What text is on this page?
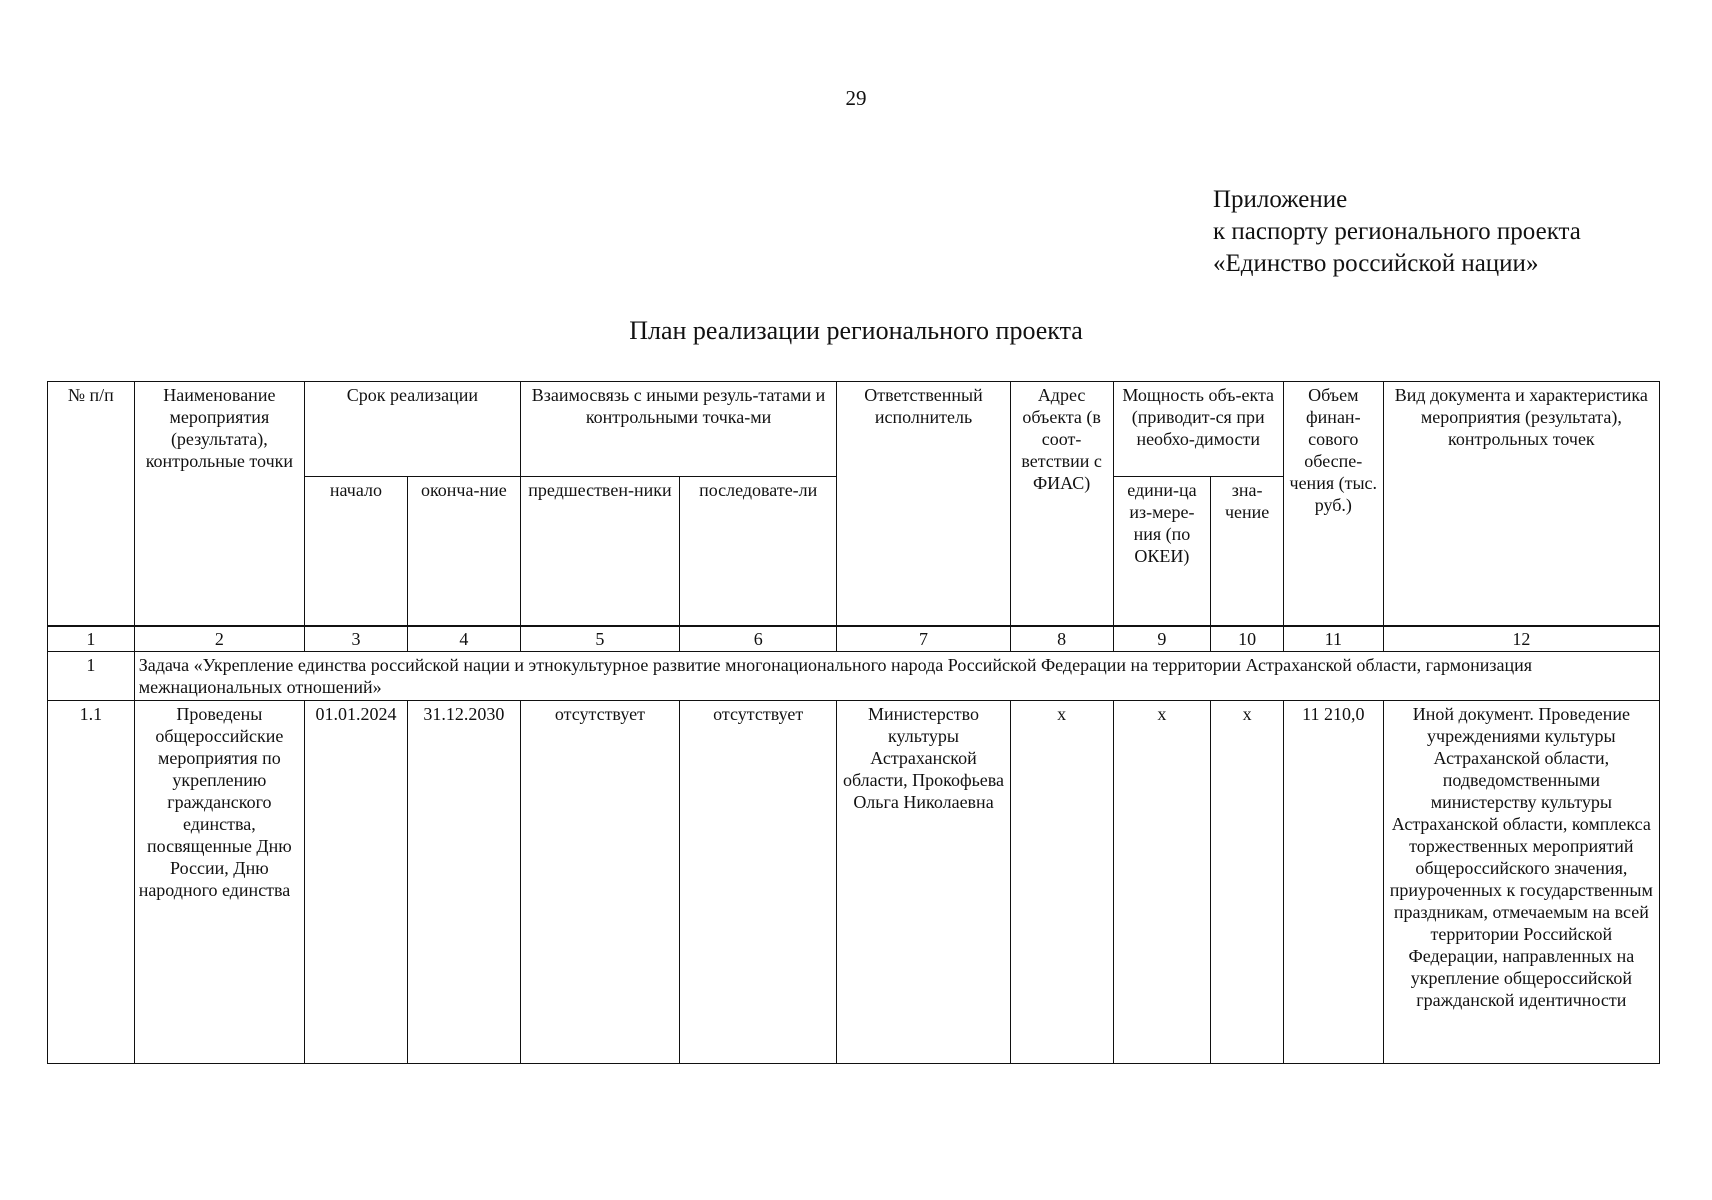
29
Приложение
к паспорту регионального проекта
«Единство российской нации»
План реализации регионального проекта
№ п/п	Наименование мероприятия (результата), контрольные точки	Срок реализации		Взаимосвязь с иными резуль-татами и контрольными точка-ми		Ответственный исполнитель	Адрес объекта (в соот-ветствии с ФИАС)	Мощность объ-екта (приводит-ся при необхо-димости		Объем финан-сового обеспе-чения (тыс. руб.)	Вид документа и характеристика мероприятия (результата), контрольных точек
		начало	оконча-ние	предшествен-ники	последовате-ли			едини-ца из-мере-ния (по ОКЕИ)	зна-чение		
1	2	3	4	5	6	7	8	9	10	11	12
1	Задача «Укрепление единства российской нации и этнокультурное развитие многонационального народа Российской Федерации на территории Астраханской области, гармонизация межнациональных отношений»										
1.1	Проведены общероссийские мероприятия по укреплению гражданского единства, посвященные Дню России, Дню народного единства	01.01.2024	31.12.2030	отсутствует	отсутствует	Министерство культуры Астраханской области, Прокофьева Ольга Николаевна	x	x	x	11 210,0	Иной документ. Проведение учреждениями культуры Астраханской области, подведомственными министерству культуры Астраханской области, комплекса торжественных мероприятий общероссийского значения, приуроченных к государственным праздникам, отмечаемым на всей территории Российской Федерации, направленных на укрепление общероссийской гражданской идентичности
